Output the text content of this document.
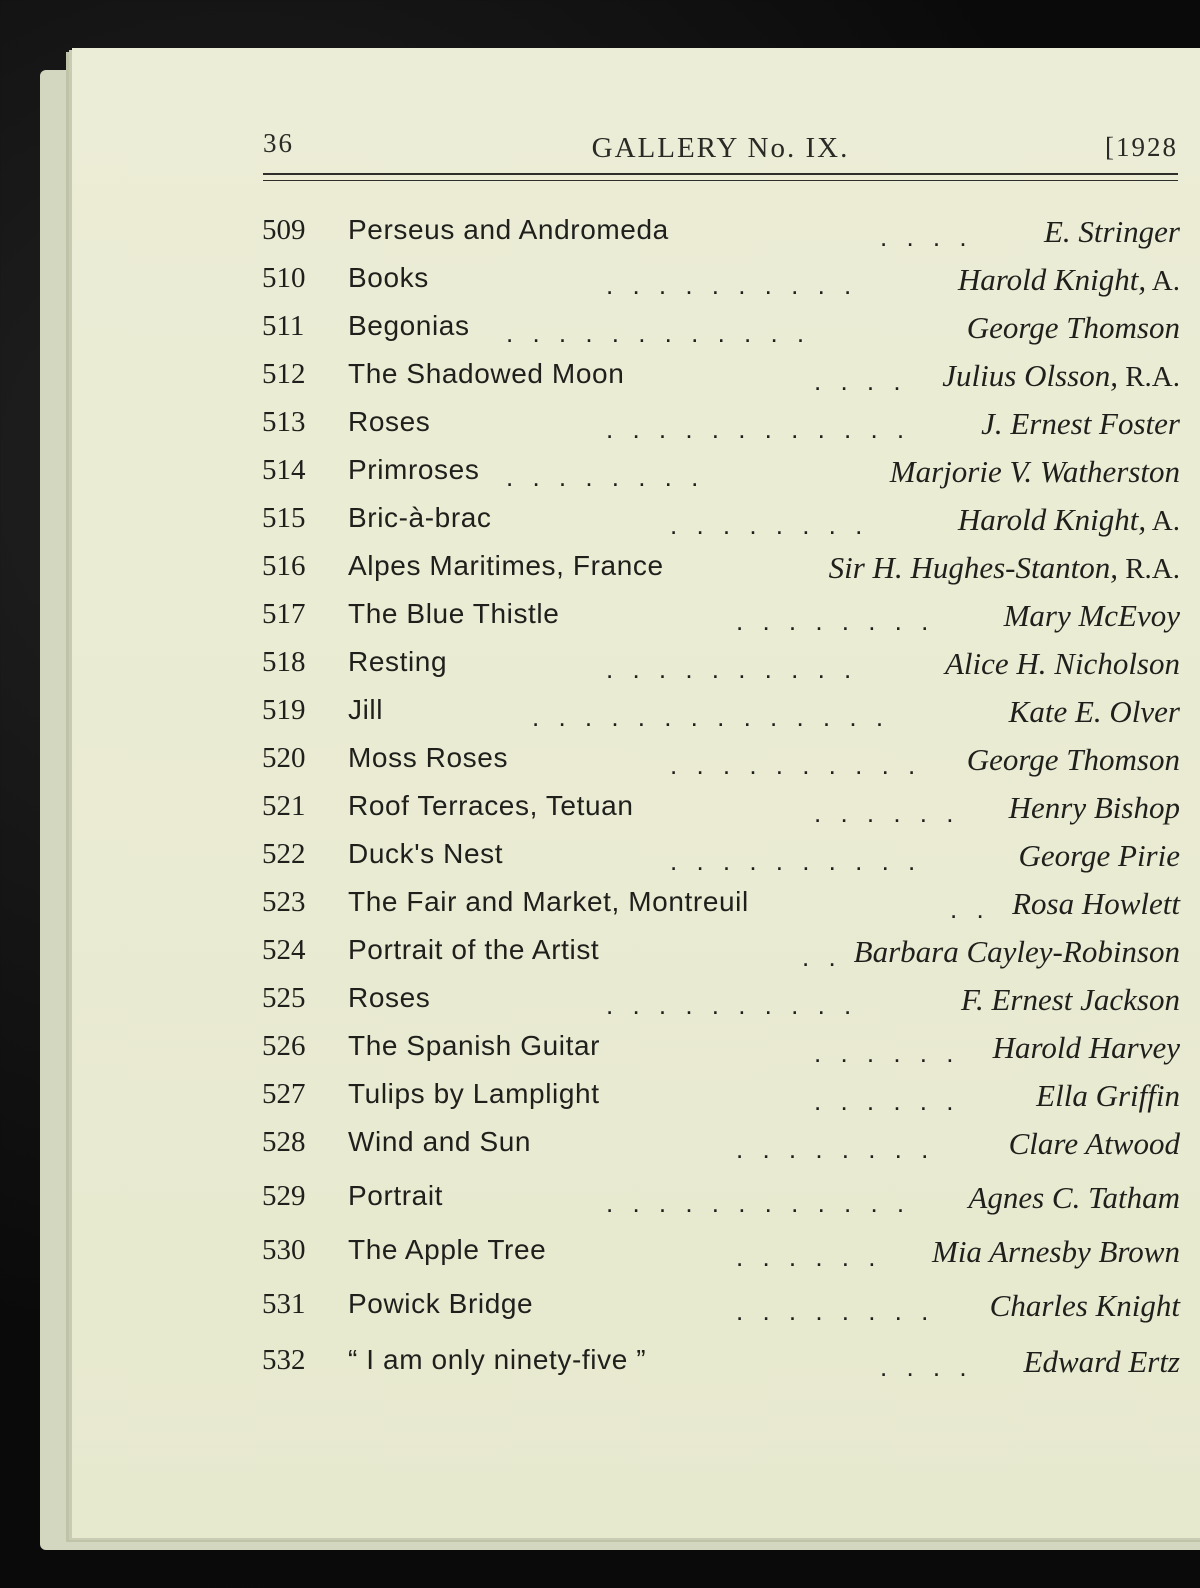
36	GALLERY No. IX.	[1928
509 Perseus and Andromeda	. . . . E. Stringer
510 Books	. . . . . . . . . .	Harold Knight, A.
511 Begonias . . . . . . . . . . . .	George Thomson
512 The Shadowed Moon	. . . . Julius Olsson, R.A.
513 Roses	. . . . . . . . . . . . J. Ernest Foster
514 Primroses . . . . . . . .	Marjorie V. Watherston
515 Bric-à-brac	. . . . . . . .	Harold Knight, A.
516 Alpes Maritimes, France	Sir H. Hughes-Stanton, R.A.
517 The Blue Thistle	. . . . . . . . Mary McEvoy
518 Resting	. . . . . . . . . .	Alice H. Nicholson
519 Jill	. . . . . . . . . . . . . .	Kate E. Olver
520 Moss Roses	. . . . . . . . . . George Thomson
521 Roof Terraces, Tetuan	. . . . . . Henry Bishop
522 Duck's Nest	. . . . . . . . . .	George Pirie
523 The Fair and Market, Montreuil	. . Rosa Howlett
524 Portrait of the Artist	. . Barbara Cayley-Robinson
525 Roses	. . . . . . . . . .	F. Ernest Jackson
526 The Spanish Guitar	. . . . . . Harold Harvey
527 Tulips by Lamplight	. . . . . . Ella Griffin
528 Wind and Sun	. . . . . . . . Clare Atwood
529 Portrait	. . . . . . . . . . . . Agnes C. Tatham
530 The Apple Tree	. . . . . . Mia Arnesby Brown
531 Powick Bridge	. . . . . . . . Charles Knight
532 “ I am only ninety-five ”	. . . . Edward Ertz
